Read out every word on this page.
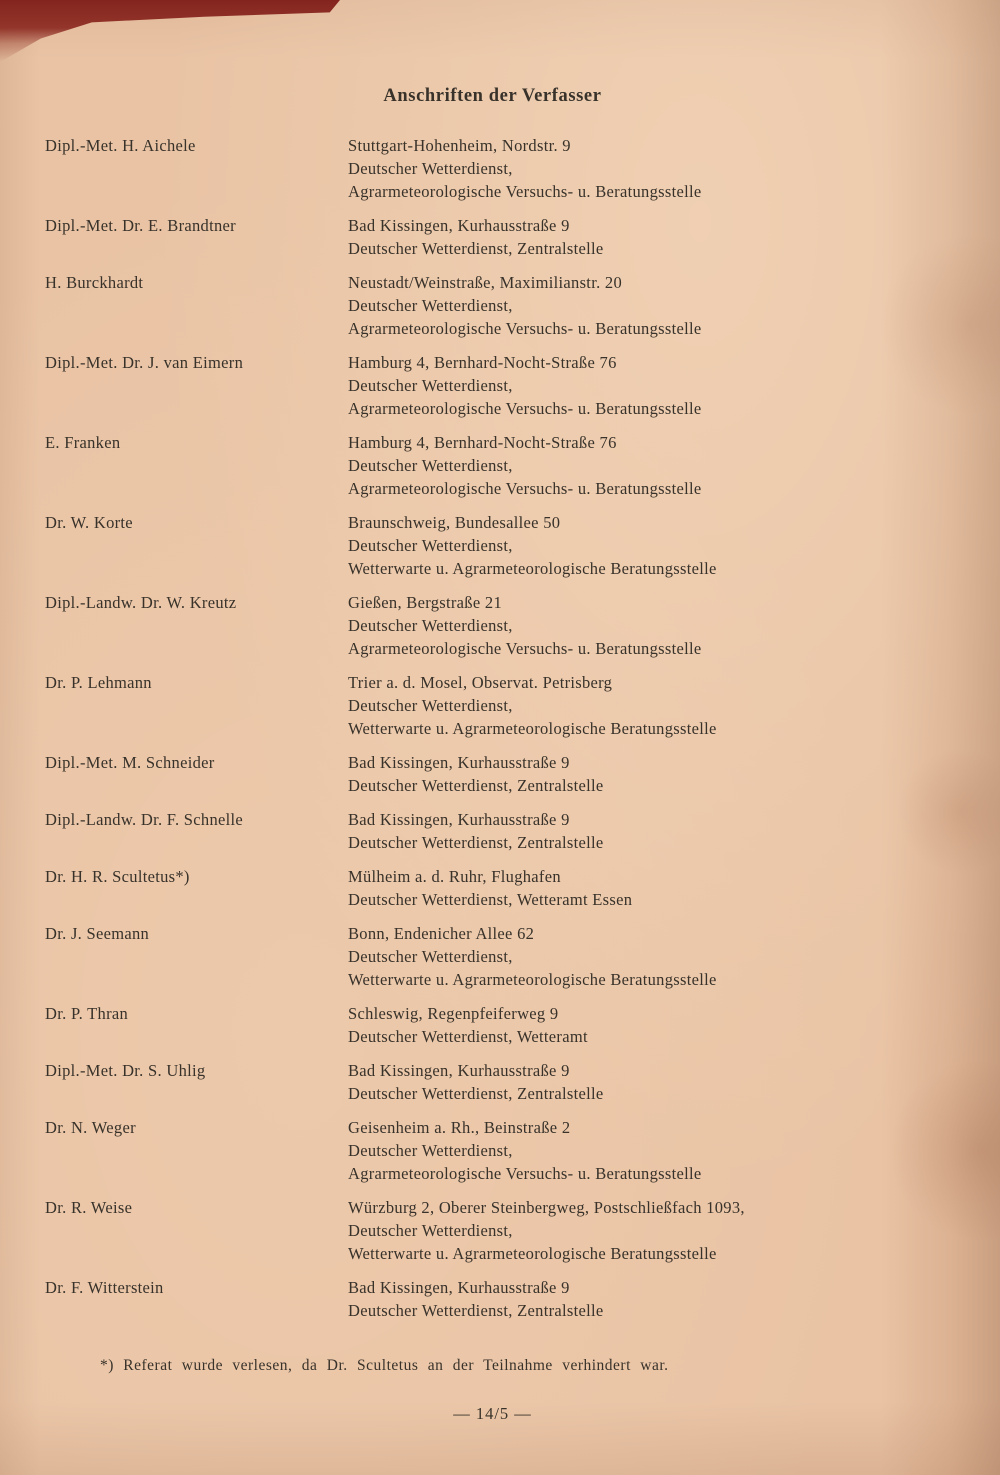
Anschriften der Verfasser
Dipl.-Met. H. Aichele	Stuttgart-Hohenheim, Nordstr. 9
Deutscher Wetterdienst,
Agrarmeteorologische Versuchs- u. Beratungsstelle
Dipl.-Met. Dr. E. Brandtner	Bad Kissingen, Kurhausstraße 9
Deutscher Wetterdienst, Zentralstelle
H. Burckhardt	Neustadt/Weinstraße, Maximilianstr. 20
Deutscher Wetterdienst,
Agrarmeteorologische Versuchs- u. Beratungsstelle
Dipl.-Met. Dr. J. van Eimern	Hamburg 4, Bernhard-Nocht-Straße 76
Deutscher Wetterdienst,
Agrarmeteorologische Versuchs- u. Beratungsstelle
E. Franken	Hamburg 4, Bernhard-Nocht-Straße 76
Deutscher Wetterdienst,
Agrarmeteorologische Versuchs- u. Beratungsstelle
Dr. W. Korte	Braunschweig, Bundesallee 50
Deutscher Wetterdienst,
Wetterwarte u. Agrarmeteorologische Beratungsstelle
Dipl.-Landw. Dr. W. Kreutz	Gießen, Bergstraße 21
Deutscher Wetterdienst,
Agrarmeteorologische Versuchs- u. Beratungsstelle
Dr. P. Lehmann	Trier a. d. Mosel, Observat. Petrisberg
Deutscher Wetterdienst,
Wetterwarte u. Agrarmeteorologische Beratungsstelle
Dipl.-Met. M. Schneider	Bad Kissingen, Kurhausstraße 9
Deutscher Wetterdienst, Zentralstelle
Dipl.-Landw. Dr. F. Schnelle	Bad Kissingen, Kurhausstraße 9
Deutscher Wetterdienst, Zentralstelle
Dr. H. R. Scultetus*)	Mülheim a. d. Ruhr, Flughafen
Deutscher Wetterdienst, Wetteramt Essen
Dr. J. Seemann	Bonn, Endenicher Allee 62
Deutscher Wetterdienst,
Wetterwarte u. Agrarmeteorologische Beratungsstelle
Dr. P. Thran	Schleswig, Regenpfeiferweg 9
Deutscher Wetterdienst, Wetteramt
Dipl.-Met. Dr. S. Uhlig	Bad Kissingen, Kurhausstraße 9
Deutscher Wetterdienst, Zentralstelle
Dr. N. Weger	Geisenheim a. Rh., Beinstraße 2
Deutscher Wetterdienst,
Agrarmeteorologische Versuchs- u. Beratungsstelle
Dr. R. Weise	Würzburg 2, Oberer Steinbergweg, Postschließfach 1093,
Deutscher Wetterdienst,
Wetterwarte u. Agrarmeteorologische Beratungsstelle
Dr. F. Witterstein	Bad Kissingen, Kurhausstraße 9
Deutscher Wetterdienst, Zentralstelle
*) Referat wurde verlesen, da Dr. Scultetus an der Teilnahme verhindert war.
— 14/5 —
